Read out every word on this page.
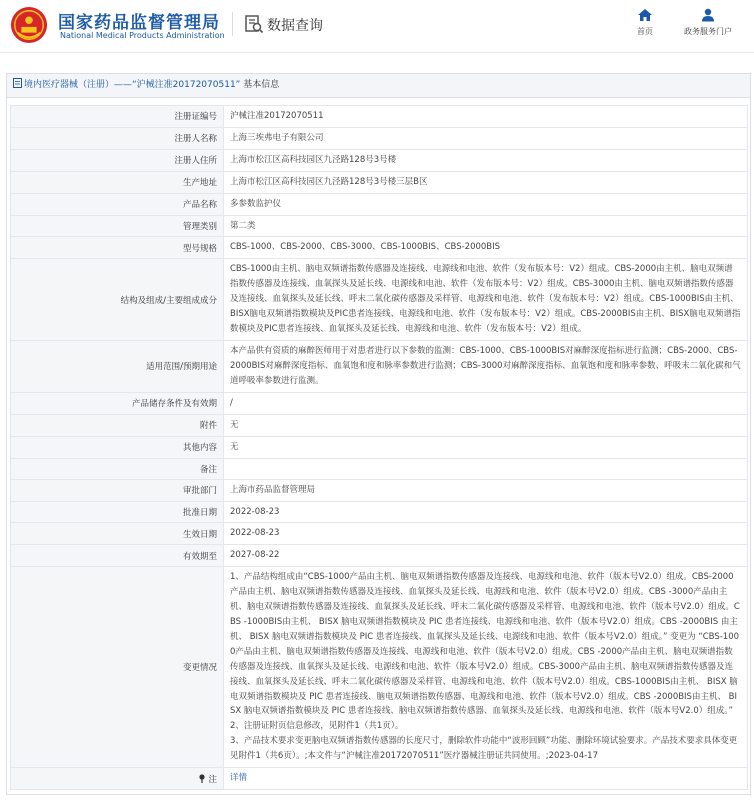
国家药品监督管理局
National Medical Products Administration
数据查询	首页	政务服务门户
境内医疗器械（注册）——“沪械注准20172070511” 基本信息
注册证编号	沪械注准20172070511
注册人名称	上海三埃弗电子有限公司
注册人住所	上海市松江区高科技园区九泾路128号3号楼
生产地址	上海市松江区高科技园区九泾路128号3号楼三层B区
产品名称	多参数监护仪
管理类别	第二类
型号规格	CBS-1000、CBS-2000、CBS-3000、CBS-1000BIS、CBS-2000BIS
结构及组成/主要组成成分	CBS-1000由主机、脑电双频谱指数传感器及连接线、电源线和电池、软件（发布版本号：V2）组成。CBS-2000由主机、脑电双频谱指数传感器及连接线、血氧探头及延长线、电源线和电池、软件（发布版本号：V2）组成。CBS-3000由主机、脑电双频谱指数传感器及连接线、血氧探头及延长线、呼末二氧化碳传感器及采样管、电源线和电池、软件（发布版本号：V2）组成。CBS-1000BIS由主机、BISX脑电双频谱指数模块及PIC患者连接线、电源线和电池、软件（发布版本号：V2）组成。CBS-2000BIS由主机、BISX脑电双频谱指数模块及PIC患者连接线、血氧探头及延长线、电源线和电池、软件（发布版本号：V2）组成。
适用范围/预期用途	本产品供有资质的麻醉医师用于对患者进行以下参数的监测：CBS-1000、CBS-1000BIS对麻醉深度指标进行监测；CBS-2000、CBS-2000BIS对麻醉深度指标、血氧饱和度和脉率参数进行监测；CBS-3000对麻醉深度指标、血氧饱和度和脉率参数、呼吸末二氧化碳和气道呼吸率参数进行监测。
产品储存条件及有效期	/
附件	无
其他内容	无
备注	
审批部门	上海市药品监督管理局
批准日期	2022-08-23
生效日期	2022-08-23
有效期至	2027-08-22
变更情况	1、产品结构组成由“CBS-1000产品由主机、脑电双频谱指数传感器及连接线、电源线和电池、软件（版本号V2.0）组成。CBS-2000产品由主机、脑电双频谱指数传感器及连接线、血氧探头及延长线、电源线和电池、软件（版本号V2.0）组成。CBS -3000产品由主机、脑电双频谱指数传感器及连接线、血氧探头及延长线、呼末二氧化碳传感器及采样管、电源线和电池、软件（版本号V2.0）组成。CBS -1000BIS由主机、 BISX 脑电双频谱指数模块及 PIC 患者连接线、电源线和电池、软件（版本号V2.0）组成。CBS -2000BIS 由主机、 BISX 脑电双频谱指数模块及 PIC 患者连接线、血氧探头及延长线、电源线和电池、软件（版本号V2.0）组成。” 变更为 “CBS-1000产品由主机、脑电双频谱指数传感器及连接线、电源线和电池、软件（版本号V2.0）组成。CBS -2000产品由主机、脑电双频谱指数传感器及连接线、血氧探头及延长线、电源线和电池、软件（版本号V2.0）组成。CBS-3000产品由主机、脑电双频谱指数传感器及连接线、血氧探头及延长线、呼末二氧化碳传感器及采样管、电源线和电池、软件（版本号V2.0）组成。CBS-1000BIS由主机、 BISX 脑电双频谱指数模块及 PIC 患者连接线、脑电双频谱指数传感器、电源线和电池、软件（版本号V2.0）组成。CBS -2000BIS由主机、 BISX 脑电双频谱指数模块及 PIC 患者连接线、脑电双频谱指数传感器、血氧探头及延长线、电源线和电池、软件（版本号V2.0）组成。”
2、注册证附页信息修改，见附件1（共1页）。
3、产品技术要求变更脑电双频谱指数传感器的长度尺寸，删除软件功能中“波形回顾”功能、删除环境试验要求。产品技术要求具体变更见附件1（共6页）。;本文件与“沪械注准20172070511”医疗器械注册证共同使用。;2023-04-17

注	详情
